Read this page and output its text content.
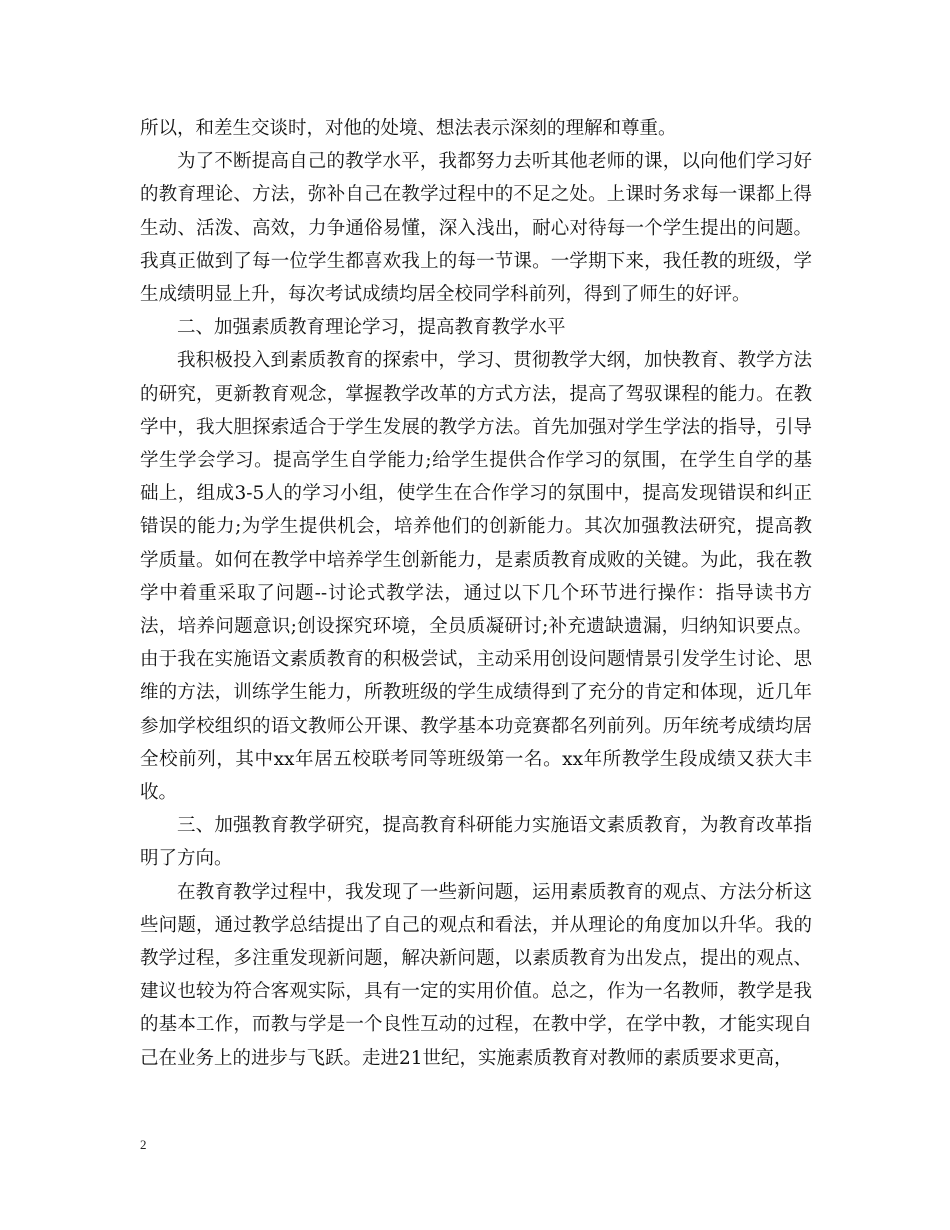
所以，和差生交谈时，对他的处境、想法表示深刻的理解和尊重。

为了不断提高自己的教学水平，我都努力去听其他老师的课，以向他们学习好的教育理论、方法，弥补自己在教学过程中的不足之处。上课时务求每一课都上得生动、活泼、高效，力争通俗易懂，深入浅出，耐心对待每一个学生提出的问题。我真正做到了每一位学生都喜欢我上的每一节课。一学期下来，我任教的班级，学生成绩明显上升，每次考试成绩均居全校同学科前列，得到了师生的好评。

二、加强素质教育理论学习，提高教育教学水平

我积极投入到素质教育的探索中，学习、贯彻教学大纲，加快教育、教学方法的研究，更新教育观念，掌握教学改革的方式方法，提高了驾驭课程的能力。在教学中，我大胆探索适合于学生发展的教学方法。首先加强对学生学法的指导，引导学生学会学习。提高学生自学能力;给学生提供合作学习的氛围，在学生自学的基础上，组成3-5人的学习小组，使学生在合作学习的氛围中，提高发现错误和纠正错误的能力;为学生提供机会，培养他们的创新能力。其次加强教法研究，提高教学质量。如何在教学中培养学生创新能力，是素质教育成败的关键。为此，我在教学中着重采取了问题--讨论式教学法，通过以下几个环节进行操作：指导读书方法，培养问题意识;创设探究环境，全员质凝研讨;补充遗缺遗漏，归纳知识要点。由于我在实施语文素质教育的积极尝试，主动采用创设问题情景引发学生讨论、思维的方法，训练学生能力，所教班级的学生成绩得到了充分的肯定和体现，近几年参加学校组织的语文教师公开课、教学基本功竞赛都名列前列。历年统考成绩均居全校前列，其中xx年居五校联考同等班级第一名。xx年所教学生段成绩又获大丰收。

三、加强教育教学研究，提高教育科研能力实施语文素质教育，为教育改革指明了方向。

在教育教学过程中，我发现了一些新问题，运用素质教育的观点、方法分析这些问题，通过教学总结提出了自己的观点和看法，并从理论的角度加以升华。我的教学过程，多注重发现新问题，解决新问题，以素质教育为出发点，提出的观点、建议也较为符合客观实际，具有一定的实用价值。总之，作为一名教师，教学是我的基本工作，而教与学是一个良性互动的过程，在教中学，在学中教，才能实现自己在业务上的进步与飞跃。走进21世纪，实施素质教育对教师的素质要求更高，

2
